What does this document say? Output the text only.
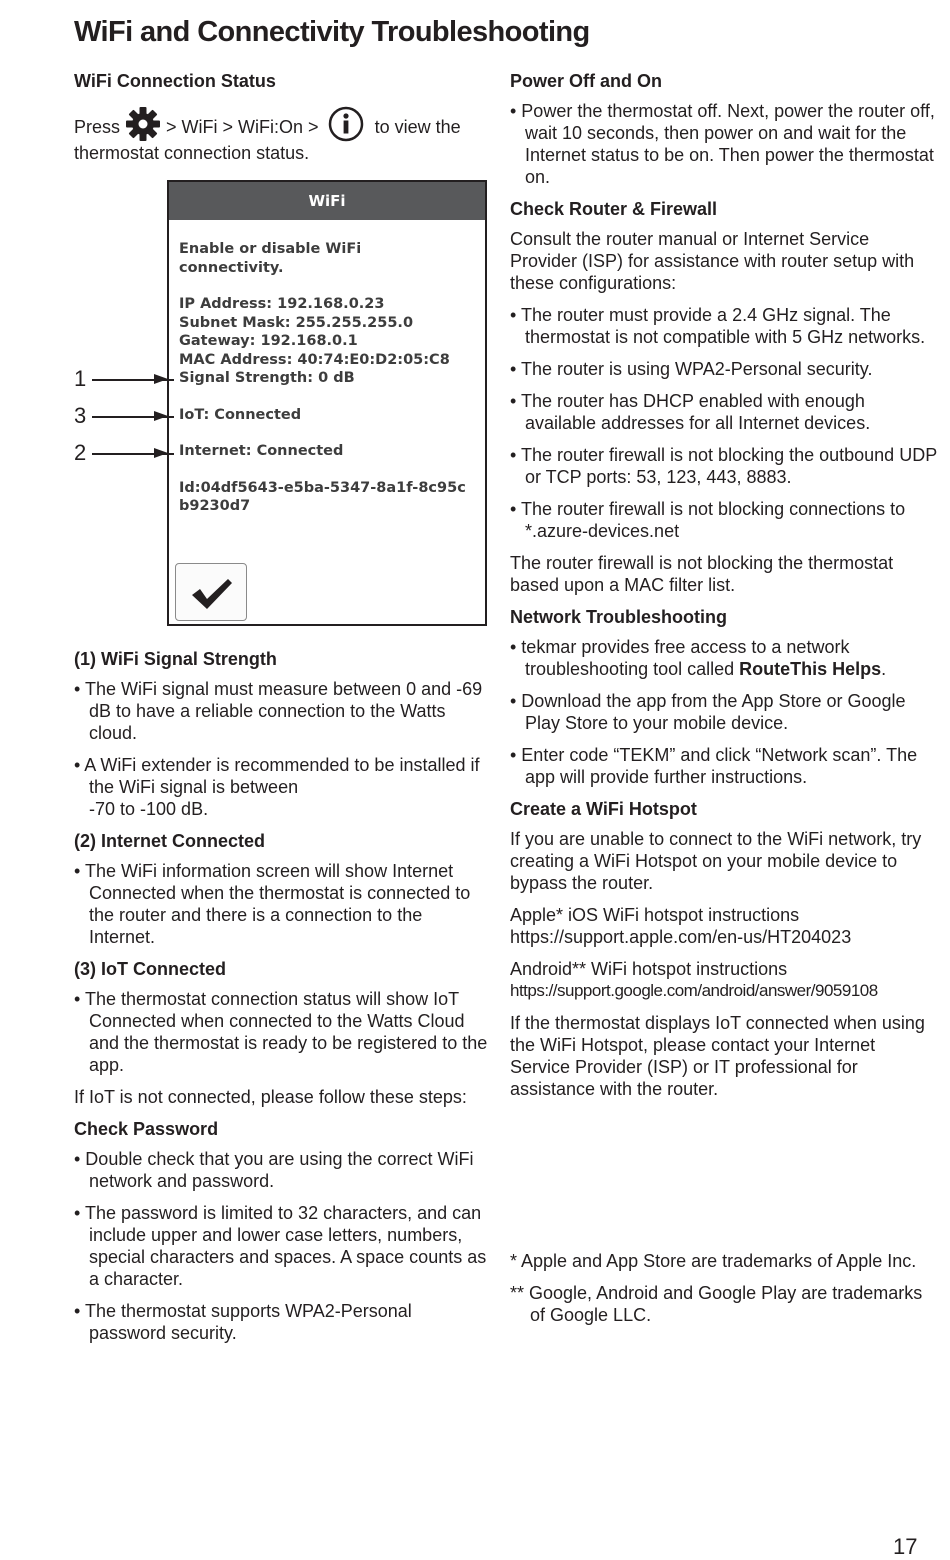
WiFi and Connectivity Troubleshooting
WiFi Connection Status
Press	> WiFi > WiFi:On >	to view the
thermostat connection status.
WiFi
Enable or disable WiFi
connectivity.
IP Address: 192.168.0.23
Subnet Mask: 255.255.255.0
Gateway: 192.168.0.1
MAC Address: 40:74:E0:D2:05:C8
Signal Strength: 0 dB
IoT: Connected
Internet: Connected
Id:04df5643-e5ba-5347-8a1f-8c95c
b9230d7
1
3
2
(1) WiFi Signal Strength
• The WiFi signal must measure between 0 and -69 dB to have a reliable connection to the Watts cloud.
• A WiFi extender is recommended to be installed if the WiFi signal is between
-70 to -100 dB.
(2) Internet Connected
• The WiFi information screen will show Internet Connected when the thermostat is connected to the router and there is a connection to the Internet.
(3) IoT Connected
• The thermostat connection status will show IoT Connected when connected to the Watts Cloud and the thermostat is ready to be registered to the app.
If IoT is not connected, please follow these steps:
Check Password
• Double check that you are using the correct WiFi network and password.
• The password is limited to 32 characters, and can include upper and lower case letters, numbers, special characters and spaces. A space counts as a character.
• The thermostat supports WPA2-Personal password security.
Power Off and On
• Power the thermostat off. Next, power the router off, wait 10 seconds, then power on and wait for the Internet status to be on. Then power the thermostat on.
Check Router & Firewall
Consult the router manual or Internet Service Provider (ISP) for assistance with router setup with these configurations:
• The router must provide a 2.4 GHz signal. The thermostat is not compatible with 5 GHz networks.
• The router is using WPA2-Personal security.
• The router has DHCP enabled with enough available addresses for all Internet devices.
• The router firewall is not blocking the outbound UDP or TCP ports: 53, 123, 443, 8883.
• The router firewall is not blocking connections to *.azure-devices.net
The router firewall is not blocking the thermostat based upon a MAC filter list.
Network Troubleshooting
• tekmar provides free access to a network troubleshooting tool called RouteThis Helps.
• Download the app from the App Store or Google Play Store to your mobile device.
• Enter code “TEKM” and click “Network scan”. The app will provide further instructions.
Create a WiFi Hotspot
If you are unable to connect to the WiFi network, try creating a WiFi Hotspot on your mobile device to bypass the router.
Apple* iOS WiFi hotspot instructions
https://support.apple.com/en-us/HT204023
Android** WiFi hotspot instructions
https://support.google.com/android/answer/9059108
If the thermostat displays IoT connected when using the WiFi Hotspot, please contact your Internet Service Provider (ISP) or IT professional for assistance with the router.
* Apple and App Store are trademarks of Apple Inc.
** Google, Android and Google Play are trademarks of Google LLC.
17
